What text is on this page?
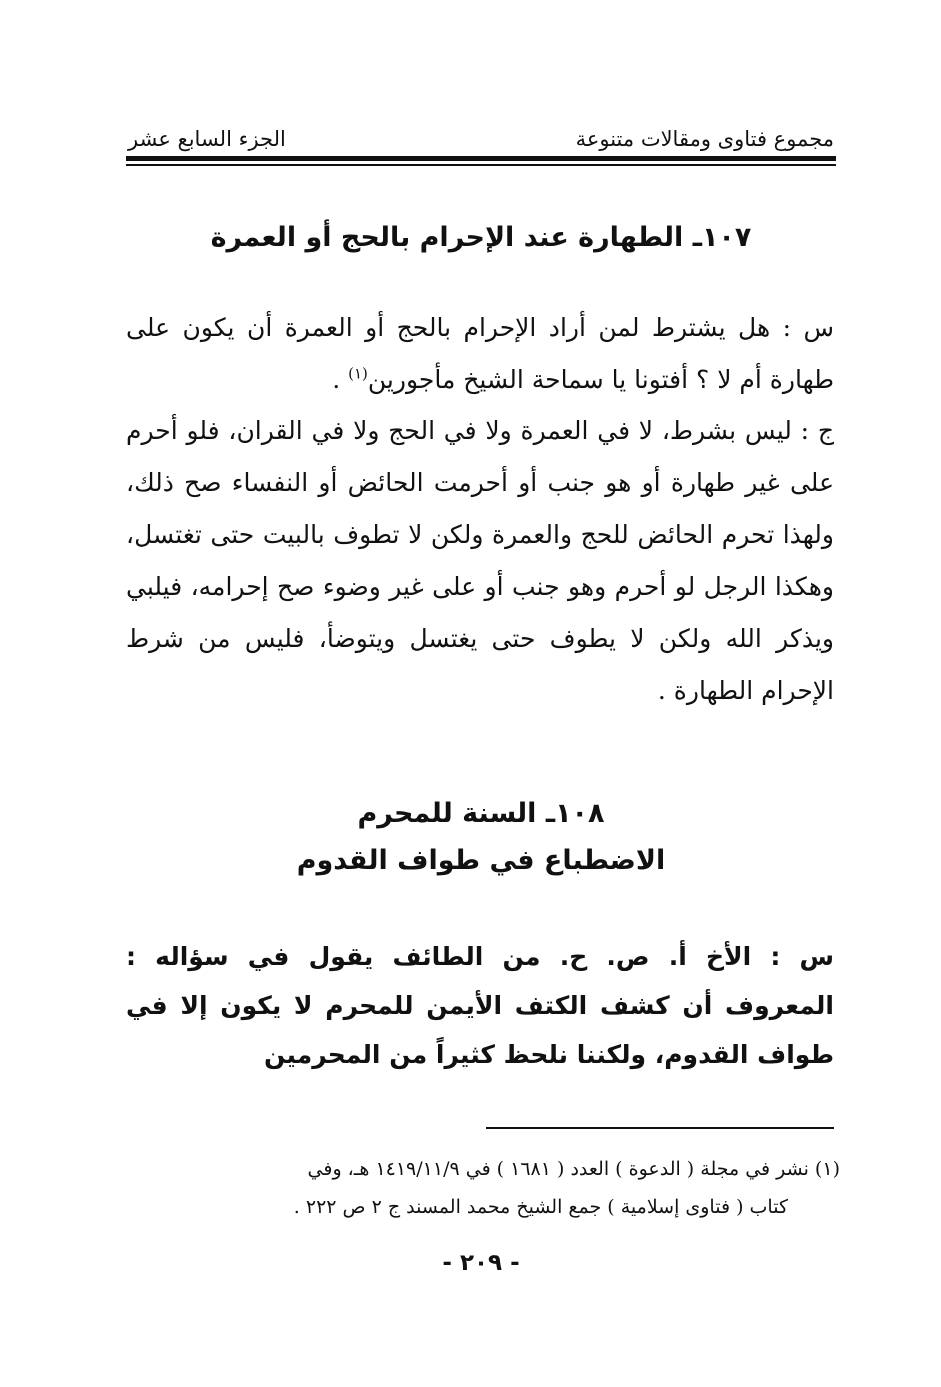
مجموع فتاوى ومقالات متنوعة
الجزء السابع عشر
١٠٧ـ الطهارة عند الإحرام بالحج أو العمرة
س : هل يشترط لمن أراد الإحرام بالحج أو العمرة أن يكون على طهارة أم لا ؟ أفتونا يا سماحة الشيخ مأجورين$^{(١)}$ .
ج : ليس بشرط، لا في العمرة ولا في الحج ولا في القران، فلو أحرم على غير طهارة أو هو جنب أو أحرمت الحائض أو النفساء صح ذلك، ولهذا تحرم الحائض للحج والعمرة ولكن لا تطوف بالبيت حتى تغتسل، وهكذا الرجل لو أحرم وهو جنب أو على غير وضوء صح إحرامه، فيلبي ويذكر الله ولكن لا يطوف حتى يغتسل ويتوضأ، فليس من شرط الإحرام الطهارة .
١٠٨ـ السنة للمحرم
الاضطباع في طواف القدوم
س : الأخ أ. ص. ح. من الطائف يقول في سؤاله : المعروف أن كشف الكتف الأيمن للمحرم لا يكون إلا في طواف القدوم، ولكننا نلحظ كثيراً من المحرمين
(١) نشر في مجلة ( الدعوة ) العدد ( ١٦٨١ ) في ١٤١٩/١١/٩ هـ، وفي
كتاب ( فتاوى إسلامية ) جمع الشيخ محمد المسند ج ٢ ص ٢٢٢ .
- ٢٠٩ -
